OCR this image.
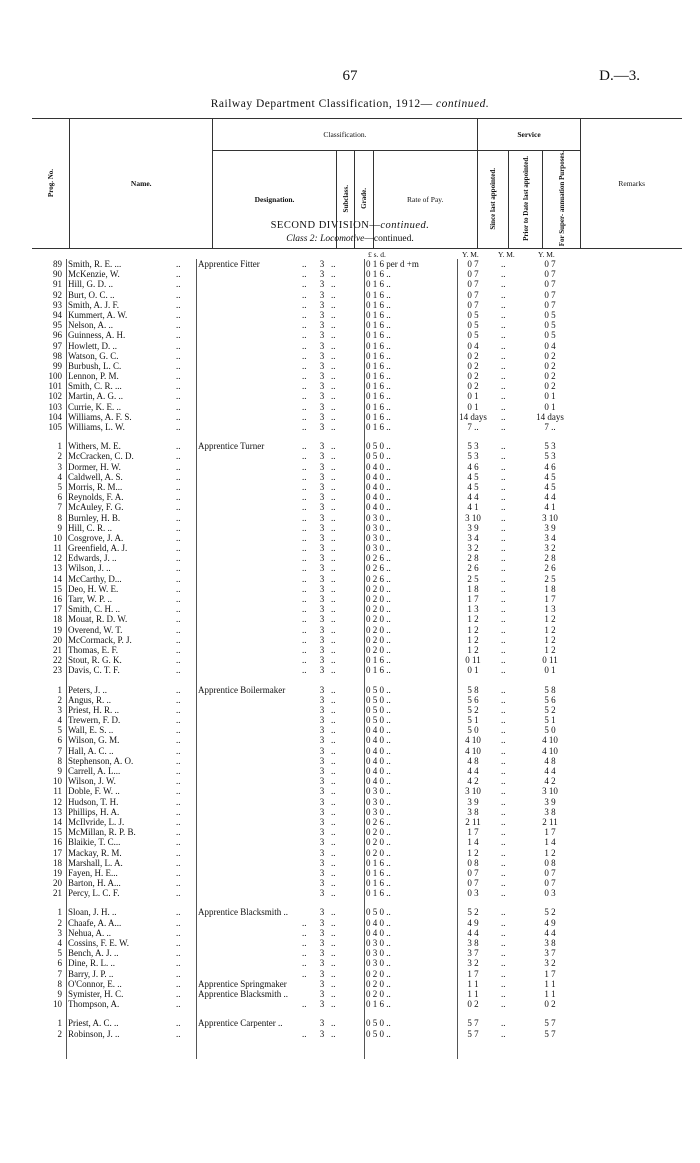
67	D.—3.
Railway Department Classification, 1912— continued.
Prog. No.	Name.	Classification.				Service			Remarks
		Designation.	Subclass.	Grade.	Rate of Pay.	Since last appointed.	Prior to Date last appointed.	For Super- annuation Purposes.	
SECOND DIVISION—continued.
Class 2: Locomotive—continued.
£ s. d.	Y. M.	Y. M.	Y. M.
89 Smith, R. E. ...	.. Apprentice Fitter	..	3 ..	0 1 6 per d +m	0 7	..	0 7
90 McKenzie, W.	..	..	3 ..	0 1 6 ..	0 7	..	0 7
91 Hill, G. D. ..	..	..	3 ..	0 1 6 ..	0 7	..	0 7
92 Burt, O. C. ..	..	..	3 ..	0 1 6 ..	0 7	..	0 7
93 Smith, A. J. F.	..	..	3 ..	0 1 6 ..	0 7	..	0 7
94 Kummert, A. W.	..	..	3 ..	0 1 6 ..	0 5	..	0 5
95 Nelson, A. ..	..	..	3 ..	0 1 6 ..	0 5	..	0 5
96 Guinness, A. H.	..	..	3 ..	0 1 6 ..	0 5	..	0 5
97 Howlett, D. ..	..	..	3 ..	0 1 6 ..	0 4	..	0 4
98 Watson, G. C.	..	..	3 ..	0 1 6 ..	0 2	..	0 2
99 Burbush, L. C.	..	..	3 ..	0 1 6 ..	0 2	..	0 2
100 Lennon, P. M.	..	..	3 ..	0 1 6 ..	0 2	..	0 2
101 Smith, C. R. ...	..	..	3 ..	0 1 6 ..	0 2	..	0 2
102 Martin, A. G. ..	..	..	3 ..	0 1 6 ..	0 1	..	0 1
103 Currie, K. E. ..	..	..	3 ..	0 1 6 ..	0 1	..	0 1
104 Williams, A. F. S.	..	..	3 ..	0 1 6 ..	14 days ..	14 days
105 Williams, L. W.	..	..	3 ..	0 1 6 ..	7 ..	..	7 ..
1 Withers, M. E.	.. Apprentice Turner	..	3 ..	0 5 0 ..	5 3	..	5 3
2 McCracken, C. D.	..	..	3 ..	0 5 0 ..	5 3	..	5 3
3 Dormer, H. W.	..	..	3 ..	0 4 0 ..	4 6	..	4 6
4 Caldwell, A. S.	..	..	3 ..	0 4 0 ..	4 5	..	4 5
5 Morris, R. M...	..	..	3 ..	0 4 0 ..	4 5	..	4 5
6 Reynolds, F. A.	..	..	3 ..	0 4 0 ..	4 4	..	4 4
7 McAuley, F. G.	..	..	3 ..	0 4 0 ..	4 1	..	4 1
8 Burnley, H. B.	..	..	3 ..	0 3 0 ..	3 10	..	3 10
9 Hill, C. R. ..	..	..	3 ..	0 3 0 ..	3 9	..	3 9
10 Cosgrove, J. A.	..	..	3 ..	0 3 0 ..	3 4	..	3 4
11 Greenfield, A. J.	..	..	3 ..	0 3 0 ..	3 2	..	3 2
12 Edwards, J. ..	..	..	3 ..	0 2 6 ..	2 8	..	2 8
13 Wilson, J. ..	..	..	3 ..	0 2 6 ..	2 6	..	2 6
14 McCarthy, D...	..	..	3 ..	0 2 6 ..	2 5	..	2 5
15 Deo, H. W. E.	..	..	3 ..	0 2 0 ..	1 8	..	1 8
16 Tarr, W. P. ..	..	..	3 ..	0 2 0 ..	1 7	..	1 7
17 Smith, C. H. ..	..	..	3 ..	0 2 0 ..	1 3	..	1 3
18 Mouat, R. D. W.	..	..	3 ..	0 2 0 ..	1 2	..	1 2
19 Overend, W. T.	..	..	3 ..	0 2 0 ..	1 2	..	1 2
20 McCormack, P. J.	..	..	3 ..	0 2 0 ..	1 2	..	1 2
21 Thomas, E. F.	..	..	3 ..	0 2 0 ..	1 2	..	1 2
22 Stout, R. G. K.	..	..	3 ..	0 1 6 ..	0 11	..	0 11
23 Davis, C. T. F.	..	..	3 ..	0 1 6 ..	0 1	..	0 1
1 Peters, J. ..	.. Apprentice Boilermaker	3 ..	0 5 0 ..	5 8	..	5 8
2 Angus, R. ..	..	3 ..	0 5 0 ..	5 6	..	5 6
3 Priest, H. R. ..	..	3 ..	0 5 0 ..	5 2	..	5 2
4 Trewern, F. D.	..	3 ..	0 5 0 ..	5 1	..	5 1
5 Wall, E. S. ..	..	3 ..	0 4 0 ..	5 0	..	5 0
6 Wilson, G. M.	..	3 ..	0 4 0 ..	4 10	..	4 10
7 Hall, A. C. ..	..	3 ..	0 4 0 ..	4 10	..	4 10
8 Stephenson, A. O.	..	3 ..	0 4 0 ..	4 8	..	4 8
9 Carrell, A. L...	..	3 ..	0 4 0 ..	4 4	..	4 4
10 Wilson, J. W.	..	3 ..	0 4 0 ..	4 2	..	4 2
11 Doble, F. W. ..	..	3 ..	0 3 0 ..	3 10	..	3 10
12 Hudson, T. H.	..	3 ..	0 3 0 ..	3 9	..	3 9
13 Phillips, H. A.	..	3 ..	0 3 0 ..	3 8	..	3 8
14 McIlvride, L. J.	..	3 ..	0 2 6 ..	2 11	..	2 11
15 McMillan, R. P. B.	..	3 ..	0 2 0 ..	1 7	..	1 7
16 Blaikie, T. C...	..	3 ..	0 2 0 ..	1 4	..	1 4
17 Mackay, R. M.	..	3 ..	0 2 0 ..	1 2	..	1 2
18 Marshall, L. A.	..	3 ..	0 1 6 ..	0 8	..	0 8
19 Fayen, H. E...	..	3 ..	0 1 6 ..	0 7	..	0 7
20 Barton, H. A...	..	3 ..	0 1 6 ..	0 7	..	0 7
21 Percy, L. C. F.	..	3 ..	0 1 6 ..	0 3	..	0 3
1 Sloan, J. H. ..	.. Apprentice Blacksmith ..	3 ..	0 5 0 ..	5 2	..	5 2
2 Chaafe, A. A...	..	..	3 ..	0 4 0 ..	4 9	..	4 9
3 Nehua, A. ..	..	..	3 ..	0 4 0 ..	4 4	..	4 4
4 Cossins, F. E. W.	..	..	3 ..	0 3 0 ..	3 8	..	3 8
5 Bench, A. J. ..	..	..	3 ..	0 3 0 ..	3 7	..	3 7
6 Dine, R. L. ..	..	..	3 ..	0 3 0 ..	3 2	..	3 2
7 Barry, J. P. ..	..	..	3 ..	0 2 0 ..	1 7	..	1 7
8 O'Connor, E. ..	.. Apprentice Springmaker	3 ..	0 2 0 ..	1 1	..	1 1
9 Symister, H. C.	.. Apprentice Blacksmith ..	3 ..	0 2 0 ..	1 1	..	1 1
10 Thompson, A.	..	..	3 ..	0 1 6 ..	0 2	..	0 2
1 Priest, A. C. ..	.. Apprentice Carpenter ..	3 ..	0 5 0 ..	5 7	..	5 7
2 Robinson, J. ..	..	..	3 ..	0 5 0 ..	5 7	..	5 7
